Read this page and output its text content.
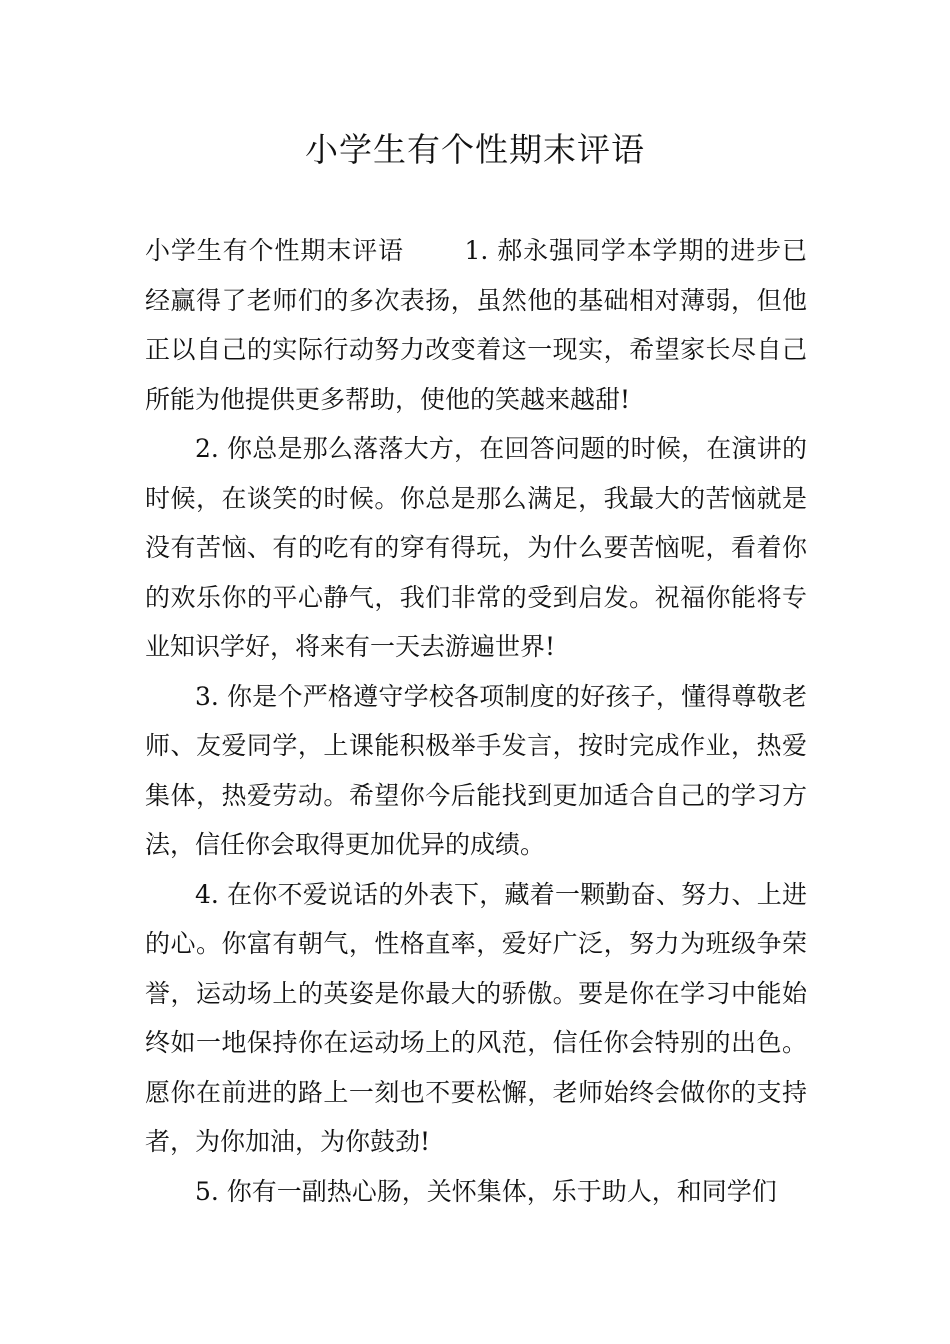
小学生有个性期末评语

小学生有个性期末评语　　 1. 郝永强同学本学期的进步已经赢得了老师们的多次表扬，虽然他的基础相对薄弱，但他正以自己的实际行动努力改变着这一现实，希望家长尽自己所能为他提供更多帮助，使他的笑越来越甜!

2. 你总是那么落落大方，在回答问题的时候，在演讲的时候，在谈笑的时候。你总是那么满足，我最大的苦恼就是没有苦恼、有的吃有的穿有得玩，为什么要苦恼呢，看着你的欢乐你的平心静气，我们非常的受到启发。祝福你能将专业知识学好，将来有一天去游遍世界!

3. 你是个严格遵守学校各项制度的好孩子，懂得尊敬老师、友爱同学，上课能积极举手发言，按时完成作业，热爱集体，热爱劳动。希望你今后能找到更加适合自己的学习方法，信任你会取得更加优异的成绩。

4. 在你不爱说话的外表下，藏着一颗勤奋、努力、上进的心。你富有朝气，性格直率，爱好广泛，努力为班级争荣誉，运动场上的英姿是你最大的骄傲。要是你在学习中能始终如一地保持你在运动场上的风范，信任你会特别的出色。愿你在前进的路上一刻也不要松懈，老师始终会做你的支持者，为你加油，为你鼓劲!

5. 你有一副热心肠，关怀集体，乐于助人，和同学们
